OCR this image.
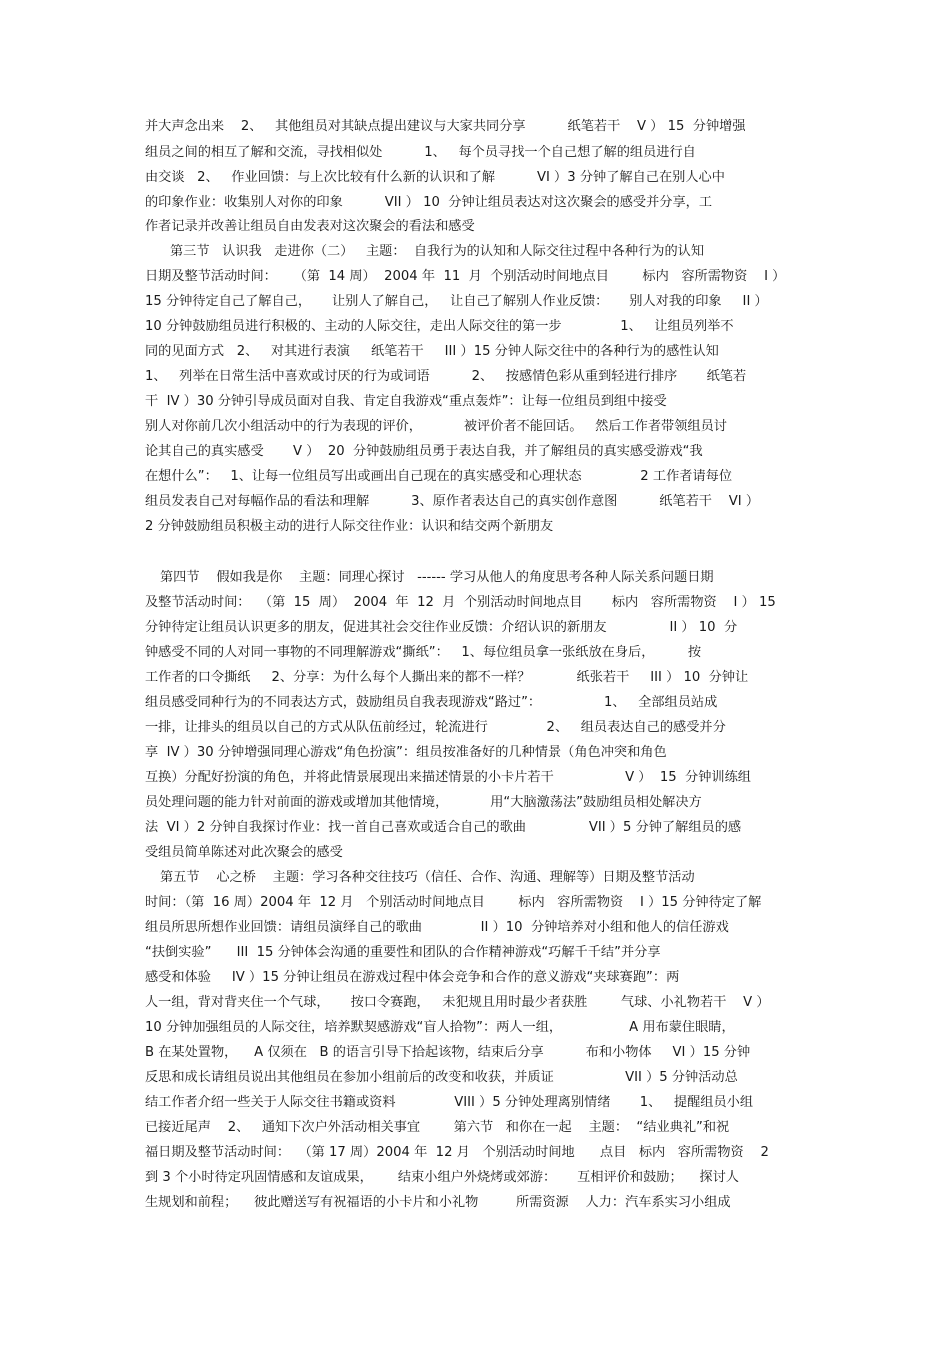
并大声念出来    2、   其他组员对其缺点提出建议与大家共同分享          纸笔若干    V ） 15  分钟增强
组员之间的相互了解和交流，寻找相似处          1、   每个员寻找一个自己想了解的组员进行自
由交谈   2、   作业回馈：与上次比较有什么新的认识和了解          VI ）3 分钟了解自己在别人心中
的印象作业：收集别人对你的印象          VII ） 10  分钟让组员表达对这次聚会的感受并分享，工
作者记录并改善让组员自由发表对这次聚会的看法和感受
第三节   认识我   走进你（二）   主题：  自我行为的认知和人际交往过程中各种行为的认知
日期及整节活动时间：    （第  14 周）  2004 年  11  月  个别活动时间地点目        标内   容所需物资    I ）
15 分钟待定自己了解自己，     让别人了解自己，   让自己了解别人作业反馈：     别人对我的印象     II ）
10 分钟鼓励组员进行积极的、主动的人际交往，走出人际交往的第一步              1、   让组员列举不
同的见面方式   2、   对其进行表演     纸笔若干     III ）15 分钟人际交往中的各种行为的感性认知
1、   列举在日常生活中喜欢或讨厌的行为或词语          2、   按感情色彩从重到轻进行排序       纸笔若
干  IV ）30 分钟引导成员面对自我、肯定自我游戏“重点轰炸”：让每一位组员到组中接受
别人对你前几次小组活动中的行为表现的评价，          被评价者不能回话。   然后工作者带领组员讨
论其自己的真实感受       V ）  20  分钟鼓励组员勇于表达自我，并了解组员的真实感受游戏“我
在想什么”：   1、让每一位组员写出或画出自己现在的真实感受和心理状态              2 工作者请每位
组员发表自己对每幅作品的看法和理解          3、原作者表达自己的真实创作意图          纸笔若干    VI ）
2 分钟鼓励组员积极主动的进行人际交往作业：认识和结交两个新朋友
第四节    假如我是你    主题：同理心探讨   ------ 学习从他人的角度思考各种人际关系问题日期
及整节活动时间：  （第  15  周）  2004  年  12  月  个别活动时间地点目       标内   容所需物资    I ） 15
分钟待定让组员认识更多的朋友，促进其社会交往作业反馈：介绍认识的新朋友               II ） 10  分
钟感受不同的人对同一事物的不同理解游戏“撕纸”：   1、每位组员拿一张纸放在身后，        按
工作者的口令撕纸     2、分享：为什么每个人撕出来的都不一样？           纸张若干     III ） 10  分钟让
组员感受同种行为的不同表达方式，鼓励组员自我表现游戏“路过”：               1、   全部组员站成
一排，让排头的组员以自己的方式从队伍前经过，轮流进行              2、   组员表达自己的感受并分
享  IV ）30 分钟增强同理心游戏“角色扮演”：组员按准备好的几种情景（角色冲突和角色
互换）分配好扮演的角色，并将此情景展现出来描述情景的小卡片若干                 V ）  15  分钟训练组
员处理问题的能力针对前面的游戏或增加其他情境，          用“大脑激荡法”鼓励组员相处解决方
法  VI ）2 分钟自我探讨作业：找一首自己喜欢或适合自己的歌曲               VII ）5 分钟了解组员的感
受组员简单陈述对此次聚会的感受
第五节    心之桥    主题：学习各种交往技巧（信任、合作、沟通、理解等）日期及整节活动
时间：（第  16 周）2004 年  12 月   个别活动时间地点目        标内   容所需物资    I ）15 分钟待定了解
组员所思所想作业回馈：请组员演绎自己的歌曲              II ）10  分钟培养对小组和他人的信任游戏
“扶倒实验”      III  15 分钟体会沟通的重要性和团队的合作精神游戏“巧解千千结”并分享
感受和体验     IV ）15 分钟让组员在游戏过程中体会竞争和合作的意义游戏“夹球赛跑”：两
人一组，背对背夹住一个气球，     按口令赛跑，   未犯规且用时最少者获胜        气球、小礼物若干    V ）
10 分钟加强组员的人际交往，培养默契感游戏“盲人拾物”：两人一组，                A 用布蒙住眼睛，
B 在某处置物，    A 仅须在   B 的语言引导下拾起该物，结束后分享          布和小物体     VI ）15 分钟
反思和成长请组员说出其他组员在参加小组前后的改变和收获，并质证                 VII ）5 分钟活动总
结工作者介绍一些关于人际交往书籍或资料              VIII ）5 分钟处理离别情绪       1、   提醒组员小组
已接近尾声    2、   通知下次户外活动相关事宜        第六节   和你在一起    主题：  “结业典礼”和祝
福日期及整节活动时间：  （第 17 周）2004 年  12 月   个别活动时间地      点目   标内   容所需物资    2
到 3 个小时待定巩固情感和友谊成果，      结束小组户外烧烤或郊游：     互相评价和鼓励；    探讨人
生规划和前程；    彼此赠送写有祝福语的小卡片和小礼物         所需资源    人力：汽车系实习小组成
